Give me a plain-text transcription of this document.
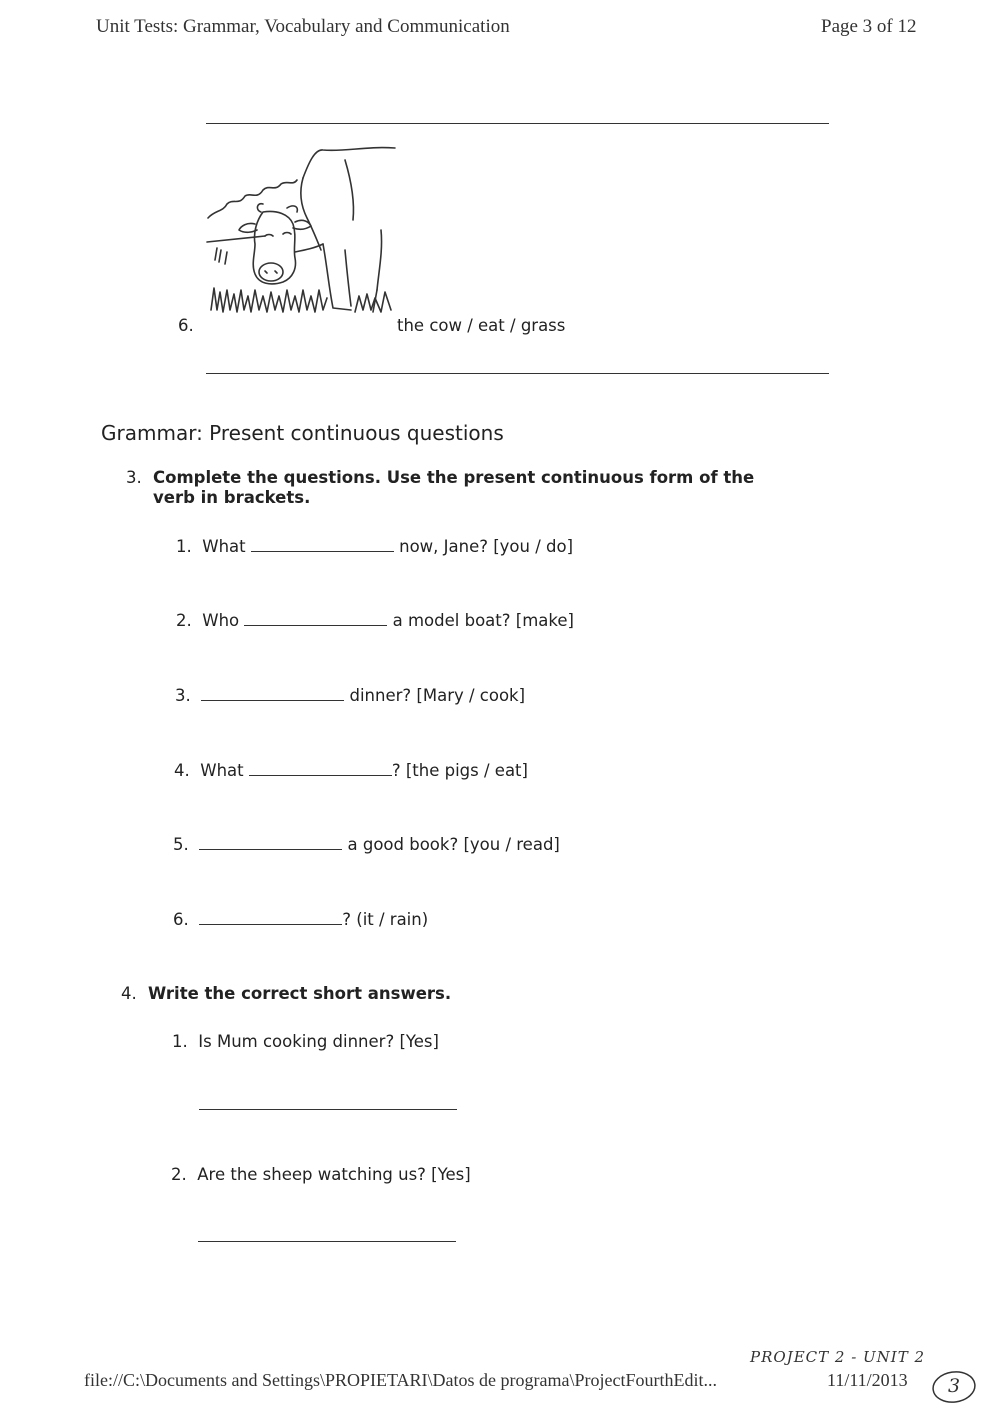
Unit Tests: Grammar, Vocabulary and Communication	Page 3 of 12
6.	the cow / eat / grass
Grammar: Present continuous questions
3. Complete the questions. Use the present continuous form of the
verb in brackets.
1. What	now, Jane? [you / do]
2. Who	a model boat? [make]
3.	dinner? [Mary / cook]
4. What	? [the pigs / eat]
5.	a good book? [you / read]
6.	? (it / rain)
4. Write the correct short answers.
1. Is Mum cooking dinner? [Yes]
2. Are the sheep watching us? [Yes]
PROJECT 2 - UNIT 2
file://C:\Documents and Settings\PROPIETARI\Datos de programa\ProjectFourthEdit...	11/11/2013 3
